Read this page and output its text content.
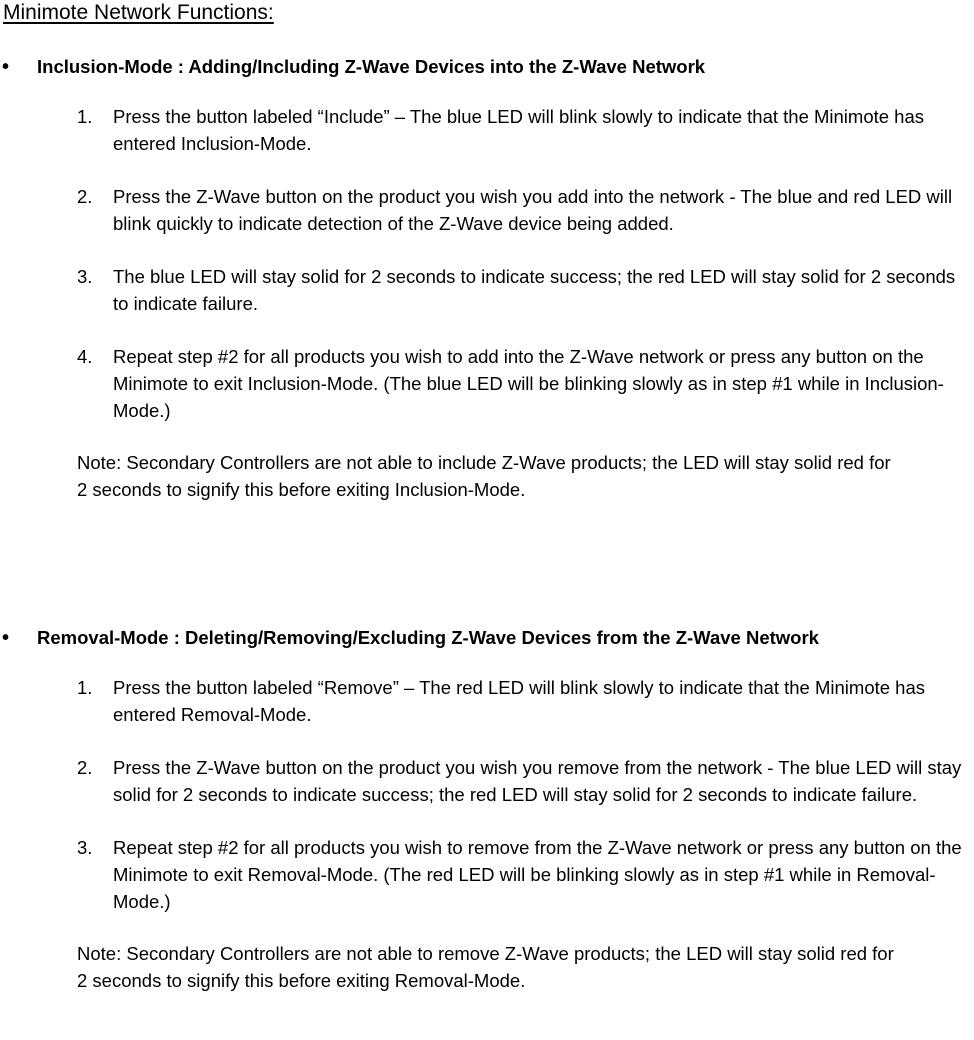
Minimote Network Functions:
•	Inclusion-Mode : Adding/Including Z-Wave Devices into the Z-Wave Network
1.	Press the button labeled “Include” – The blue LED will blink slowly to indicate that the Minimote has entered Inclusion-Mode.
2.	Press the Z-Wave button on the product you wish you add into the network - The blue and red LED will blink quickly to indicate detection of the Z-Wave device being added.
3.	The blue LED will stay solid for 2 seconds to indicate success; the red LED will stay solid for 2 seconds to indicate failure.
4.	Repeat step #2 for all products you wish to add into the Z-Wave network or press any button on the Minimote to exit Inclusion-Mode. (The blue LED will be blinking slowly as in step #1 while in Inclusion-Mode.)
Note: Secondary Controllers are not able to include Z-Wave products; the LED will stay solid red for 2 seconds to signify this before exiting Inclusion-Mode.
•	Removal-Mode : Deleting/Removing/Excluding Z-Wave Devices from the Z-Wave Network
1.	Press the button labeled “Remove” – The red LED will blink slowly to indicate that the Minimote has entered Removal-Mode.
2.	Press the Z-Wave button on the product you wish you remove from the network - The blue LED will stay solid for 2 seconds to indicate success; the red LED will stay solid for 2 seconds to indicate failure.
3.	Repeat step #2 for all products you wish to remove from the Z-Wave network or press any button on the Minimote to exit Removal-Mode. (The red LED will be blinking slowly as in step #1 while in Removal-Mode.)
Note: Secondary Controllers are not able to remove Z-Wave products; the LED will stay solid red for 2 seconds to signify this before exiting Removal-Mode.
